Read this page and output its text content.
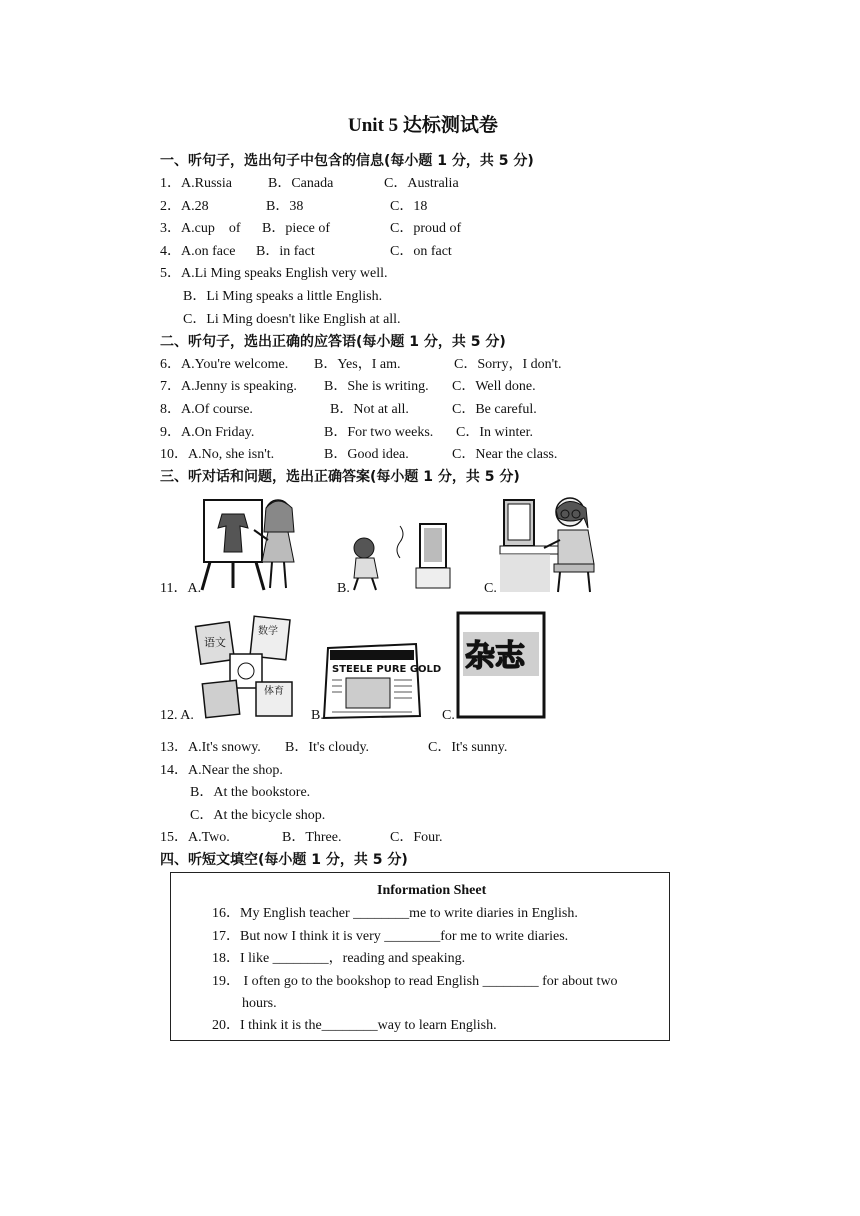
Unit 5 达标测试卷
一、听句子，选出句子中包含的信息(每小题 1 分，共 5 分)
1．A.Russia	B．Canada	C．Australia
2．A.28	B．38	C．18
3．A.cup　of B．piece of	C．proud of
4．A.on face B．in fact	C．on fact
5．A.Li Ming speaks English very well.
B．Li Ming speaks a little English.
C．Li Ming doesn't like English at all.
二、听句子，选出正确的应答语(每小题 1 分，共 5 分)
6．A.You're welcome. B．Yes，I am.	C．Sorry，I don't.
7．A.Jenny is speaking. B．She is writing. C．Well done.
8．A.Of course.	B．Not at all.	C．Be careful.
9．A.On Friday.	B．For two weeks. C．In winter.
10．A.No, she isn't.	B．Good idea.	C．Near the class.
三、听对话和问题，选出正确答案(每小题 1 分，共 5 分)
11．A.	B.	C.
语文
数学
体育
12. A.
STEELE PURE GOLD
B.
杂志
C.
13．A.It's snowy. B．It's cloudy.	C．It's sunny.
14．A.Near the shop.
B．At the bookstore.
C．At the bicycle shop.
15．A.Two.	B．Three.	C．Four.
四、听短文填空(每小题 1 分，共 5 分)
Information Sheet
16．My English teacher ________me to write diaries in English.
17．But now I think it is very ________for me to write diaries.
18．I like ________，reading and speaking.
19． I often go to the bookshop to read English ________ for about two
hours.
20．I think it is the________way to learn English.
